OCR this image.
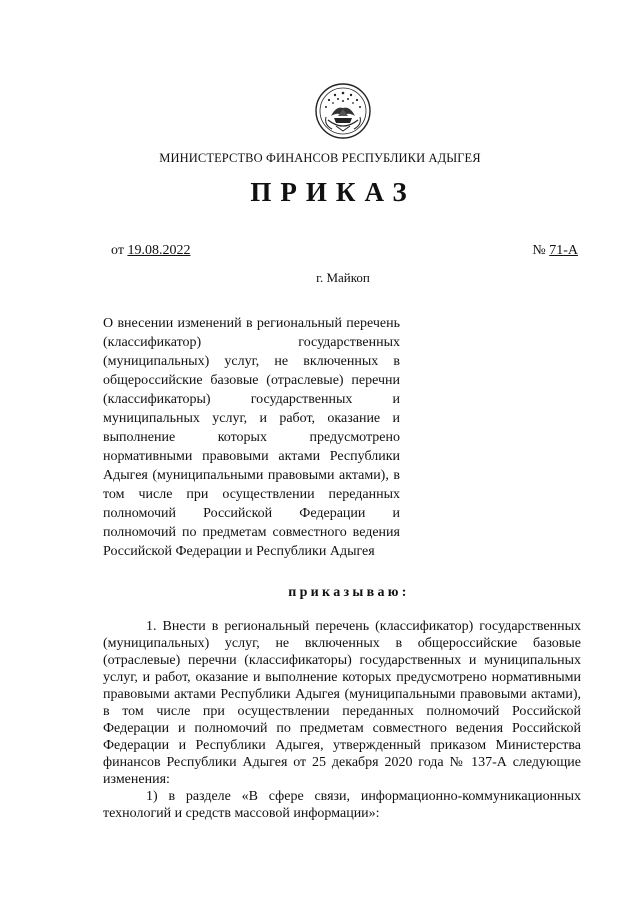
МИНИСТЕРСТВО ФИНАНСОВ РЕСПУБЛИКИ АДЫГЕЯ
ПРИКАЗ
от 19.08.2022	№ 71-А
г. Майкоп
О внесении изменений в региональный перечень (классификатор) государственных (муниципальных) услуг, не включенных в общероссийские базовые (отраслевые) перечни (классификаторы) государственных и муниципальных услуг, и работ, оказание и выполнение которых предусмотрено нормативными правовыми актами Республики Адыгея (муниципальными правовыми актами), в том числе при осуществлении переданных полномочий Российской Федерации и полномочий по предметам совместного ведения Российской Федерации и Республики Адыгея
приказываю:

1. Внести в региональный перечень (классификатор) государственных (муниципальных) услуг, не включенных в общероссийские базовые (отраслевые) перечни (классификаторы) государственных и муниципальных услуг, и работ, оказание и выполнение которых предусмотрено нормативными правовыми актами Республики Адыгея (муниципальными правовыми актами), в том числе при осуществлении переданных полномочий Российской Федерации и полномочий по предметам совместного ведения Российской Федерации и Республики Адыгея, утвержденный приказом Министерства финансов Республики Адыгея от 25 декабря 2020 года № 137-А следующие изменения:

1) в разделе «В сфере связи, информационно-коммуникационных технологий и средств массовой информации»:
